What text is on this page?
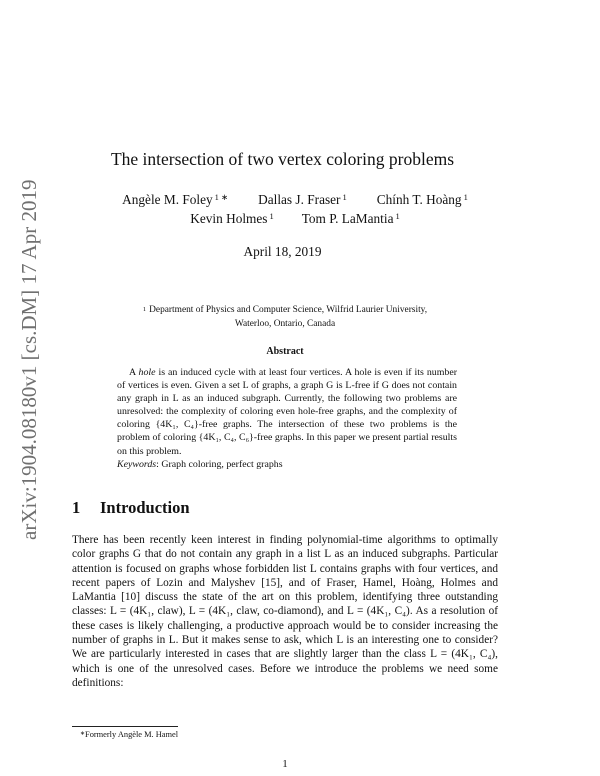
arXiv:1904.08180v1 [cs.DM] 17 Apr 2019
The intersection of two vertex coloring problems
Angèle M. Foley $^{1 ∗}$ Dallas J. Fraser $^1$ Chính T. Hoàng $^1$
Kevin Holmes $^1$ Tom P. LaMantia $^1$
April 18, 2019
$^1$ Department of Physics and Computer Science, Wilfrid Laurier University,
Waterloo, Ontario, Canada
Abstract
A hole is an induced cycle with at least four vertices. A hole is even if its number of vertices is even. Given a set L of graphs, a graph G is L-free if G does not contain any graph in L as an induced subgraph. Currently, the following two problems are unresolved: the complexity of coloring even hole-free graphs, and the complexity of coloring {4K₁, C₄}-free graphs. The intersection of these two problems is the problem of coloring {4K₁, C₄, C₆}-free graphs. In this paper we present partial results on this problem.
Keywords: Graph coloring, perfect graphs
1 Introduction
There has been recently keen interest in finding polynomial-time algorithms to optimally color graphs G that do not contain any graph in a list L as an induced subgraphs. Particular attention is focused on graphs whose forbidden list L contains graphs with four vertices, and recent papers of Lozin and Malyshev [15], and of Fraser, Hamel, Hoàng, Holmes and LaMantia [10] discuss the state of the art on this problem, identifying three outstanding classes: L = (4K₁, claw), L = (4K₁, claw, co-diamond), and L = (4K₁, C₄). As a resolution of these cases is likely challenging, a productive approach would be to consider increasing the number of graphs in L. But it makes sense to ask, which L is an interesting one to consider? We are particularly interested in cases that are slightly larger than the class L = (4K₁, C₄), which is one of the unresolved cases. Before we introduce the problems we need some definitions:
∗Formerly Angèle M. Hamel
1
